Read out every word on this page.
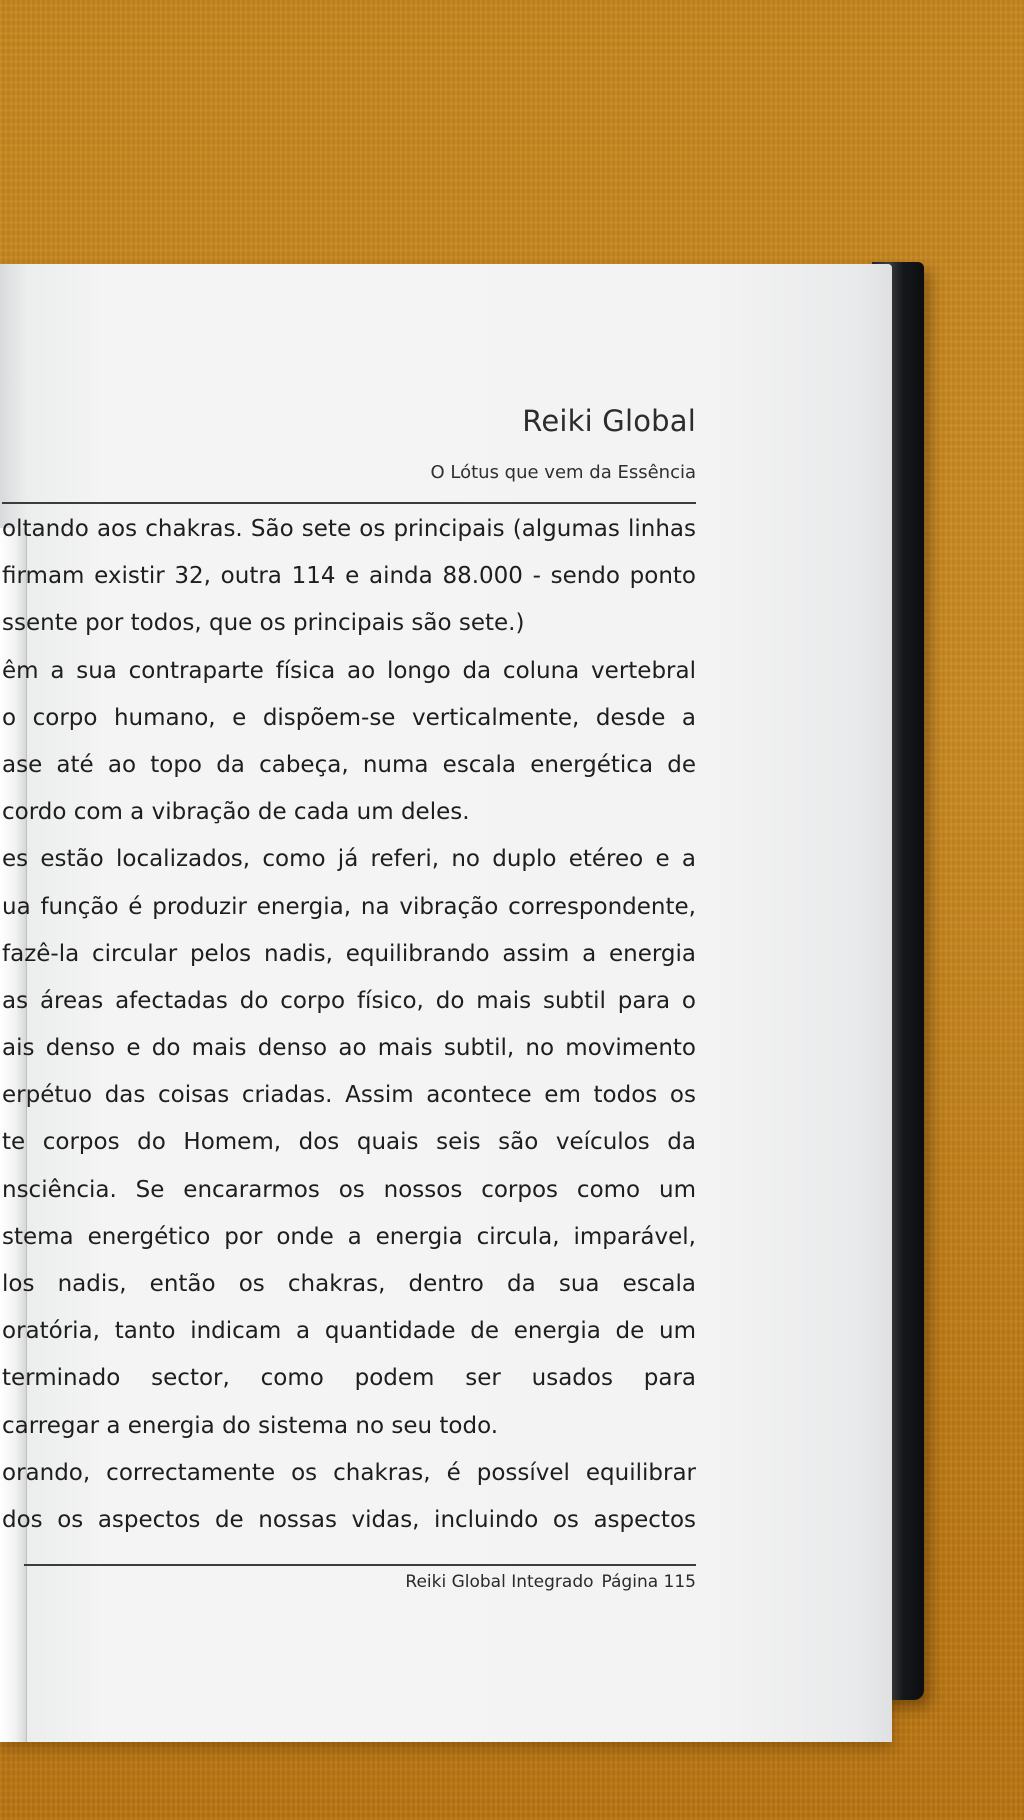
Reiki Global
O Lótus que vem da Essência
oltando aos chakras. São sete os principais (algumas linhas
firmam existir 32, outra 114 e ainda 88.000 - sendo ponto
ssente por todos, que os principais são sete.)
êm a sua contraparte física ao longo da coluna vertebral
o corpo humano, e dispõem-se verticalmente, desde a
ase até ao topo da cabeça, numa escala energética de
cordo com a vibração de cada um deles.
es estão localizados, como já referi, no duplo etéreo e a
ua função é produzir energia, na vibração correspondente,
fazê-la circular pelos nadis, equilibrando assim a energia
as áreas afectadas do corpo físico, do mais subtil para o
ais denso e do mais denso ao mais subtil, no movimento
erpétuo das coisas criadas. Assim acontece em todos os
te corpos do Homem, dos quais seis são veículos da
nsciência. Se encararmos os nossos corpos como um
stema energético por onde a energia circula, imparável,
los nadis, então os chakras, dentro da sua escala
oratória, tanto indicam a quantidade de energia de um
terminado sector, como podem ser usados para
carregar a energia do sistema no seu todo.
orando, correctamente os chakras, é possível equilibrar
dos os aspectos de nossas vidas, incluindo os aspectos
Reiki Global Integrado Página 115
